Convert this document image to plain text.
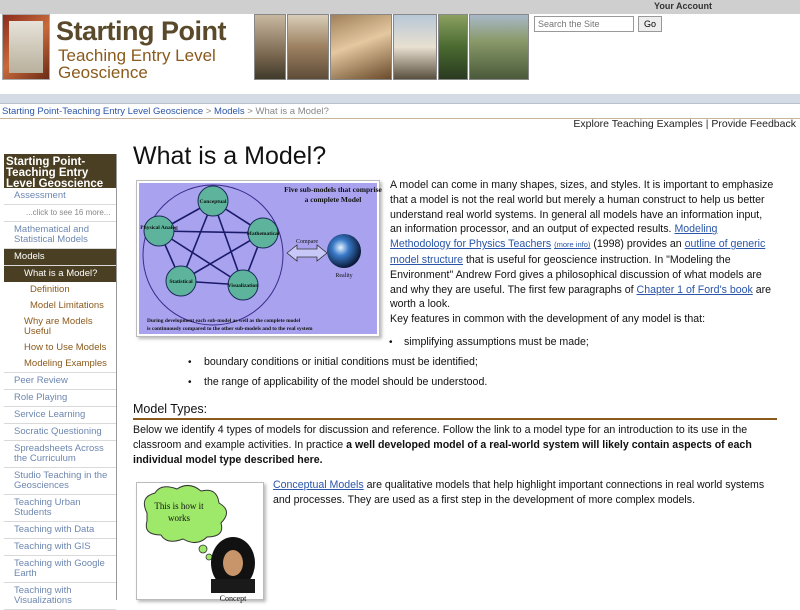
Your Account
Starting Point
Teaching Entry Level
Geoscience
Search the Site
Go
Starting Point-Teaching Entry Level Geoscience > Models > What is a Model?
Explore Teaching Examples | Provide Feedback
Starting Point-Teaching Entry Level Geoscience
Assessment
...click to see 16 more...
Mathematical and Statistical Models
Models
What is a Model?
Definition
Model Limitations
Why are Models Useful
How to Use Models
Modeling Examples
Peer Review
Role Playing
Service Learning
Socratic Questioning
Spreadsheets Across the Curriculum
Studio Teaching in the Geosciences
Teaching Urban Students
Teaching with Data
Teaching with GIS
Teaching with Google Earth
Teaching with Visualizations
What is a Model?
Conceptual
Physical Analog
Mathematical
Statistical
Visualization
Five sub-models that comprise
a complete Model
Compare
Reality
During development each sub-model as well as the complete model
is continuously compared to the other sub-models and to the real system
A model can come in many shapes, sizes, and styles. It is important to emphasize that a model is not the real world but merely a human construct to help us better understand real world systems. In general all models have an information input, an information processor, and an output of expected results. Modeling Methodology for Physics Teachers (more info) (1998) provides an outline of generic model structure that is useful for geoscience instruction. In "Modeling the Environment" Andrew Ford gives a philosophical discussion of what models are and why they are useful. The first few paragraphs of Chapter 1 of Ford's book are worth a look.
Key features in common with the development of any model is that:
• simplifying assumptions must be made;
• boundary conditions or initial conditions must be identified;
• the range of applicability of the model should be understood.
Model Types:
Below we identify 4 types of models for discussion and reference. Follow the link to a model type for an introduction to its use in the classroom and example activities. In practice a well developed model of a real-world system will likely contain aspects of each individual model type described here.
This is how it works
Concept
Conceptual Models are qualitative models that help highlight important connections in real world systems and processes. They are used as a first step in the development of more complex models.
